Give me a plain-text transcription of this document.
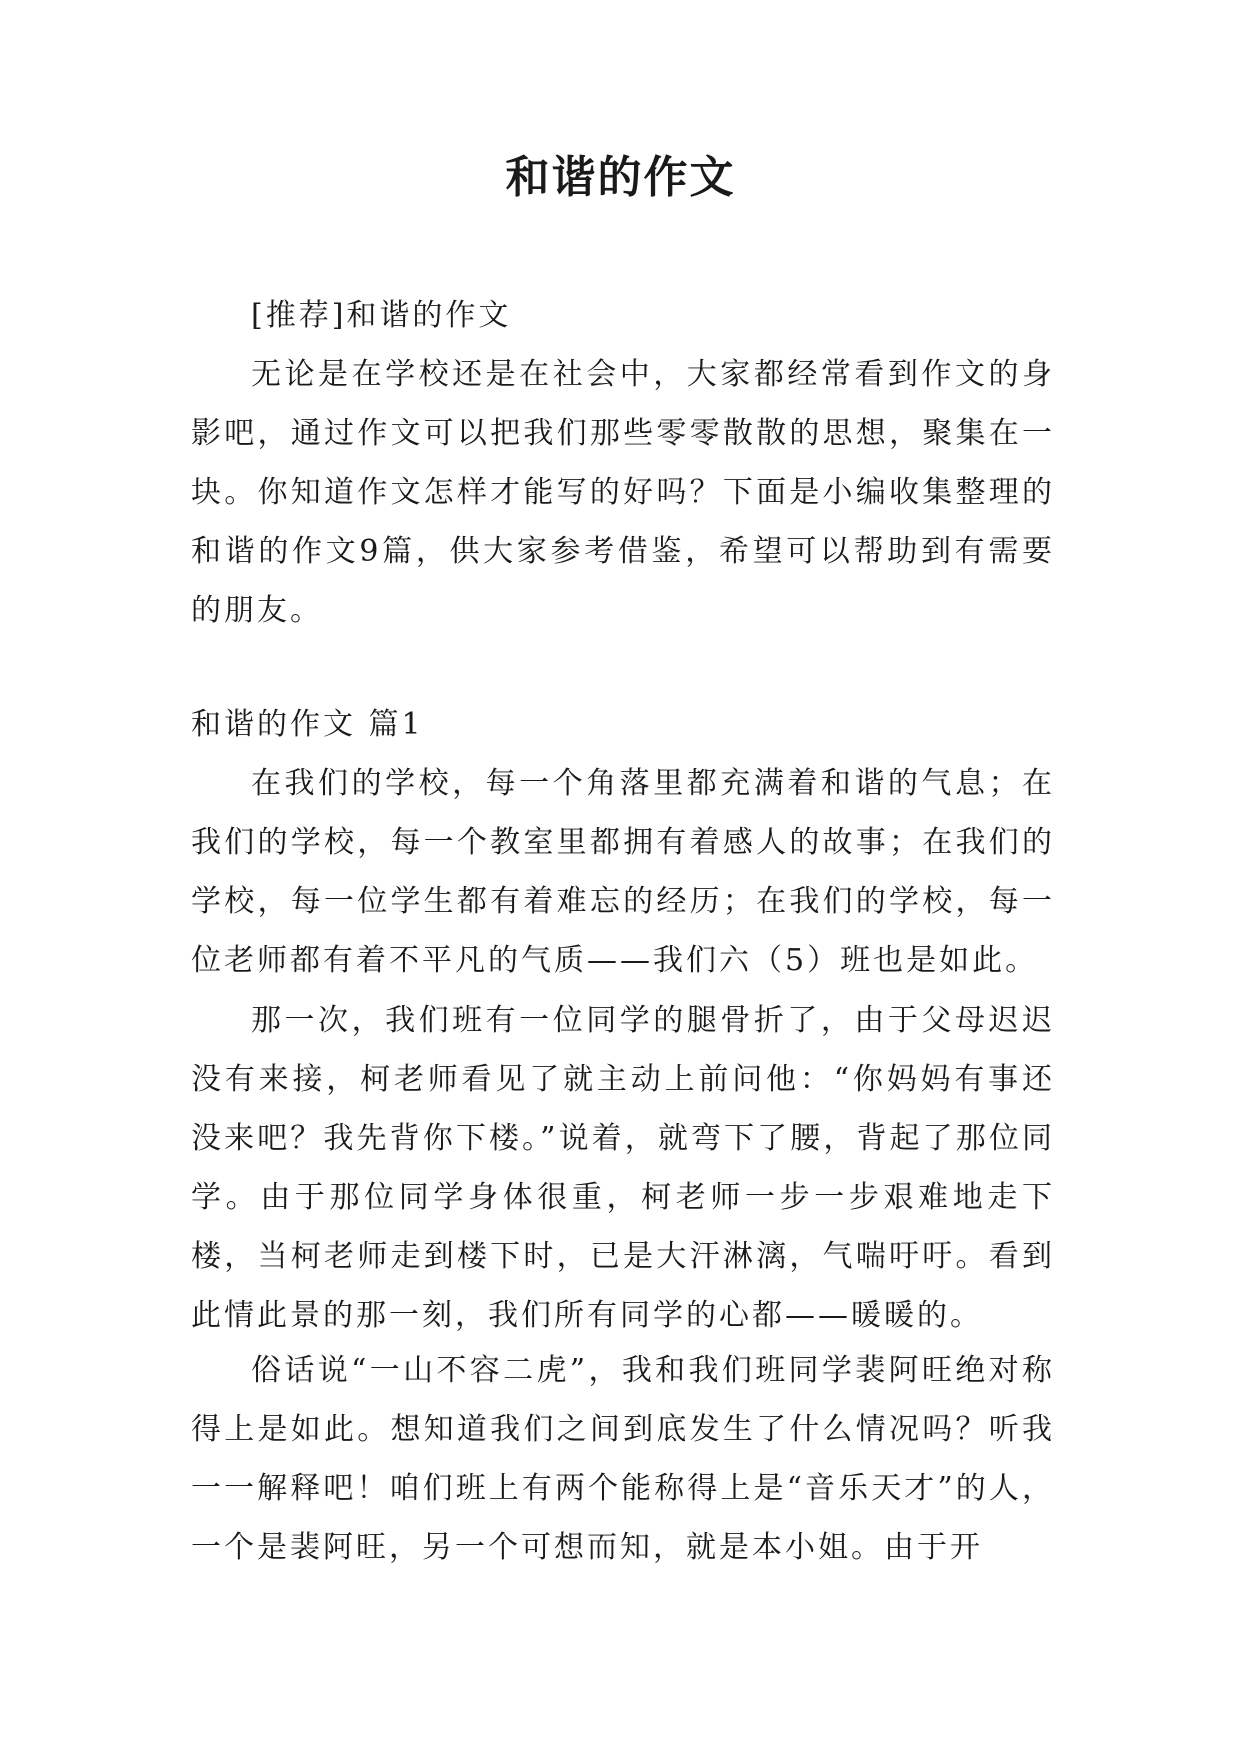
和谐的作文

[推荐]和谐的作文

无论是在学校还是在社会中，大家都经常看到作文的身影吧，通过作文可以把我们那些零零散散的思想，聚集在一块。你知道作文怎样才能写的好吗？下面是小编收集整理的和谐的作文9篇，供大家参考借鉴，希望可以帮助到有需要的朋友。

和谐的作文 篇1

在我们的学校，每一个角落里都充满着和谐的气息；在我们的学校，每一个教室里都拥有着感人的故事；在我们的学校，每一位学生都有着难忘的经历；在我们的学校，每一位老师都有着不平凡的气质——我们六（5）班也是如此。

那一次，我们班有一位同学的腿骨折了，由于父母迟迟没有来接，柯老师看见了就主动上前问他：“你妈妈有事还没来吧？我先背你下楼。”说着，就弯下了腰，背起了那位同学。由于那位同学身体很重，柯老师一步一步艰难地走下楼，当柯老师走到楼下时，已是大汗淋漓，气喘吁吁。看到此情此景的那一刻，我们所有同学的心都——暖暖的。

俗话说“一山不容二虎”，我和我们班同学裴阿旺绝对称得上是如此。想知道我们之间到底发生了什么情况吗？听我一一解释吧！咱们班上有两个能称得上是“音乐天才”的人，一个是裴阿旺，另一个可想而知，就是本小姐。由于开
